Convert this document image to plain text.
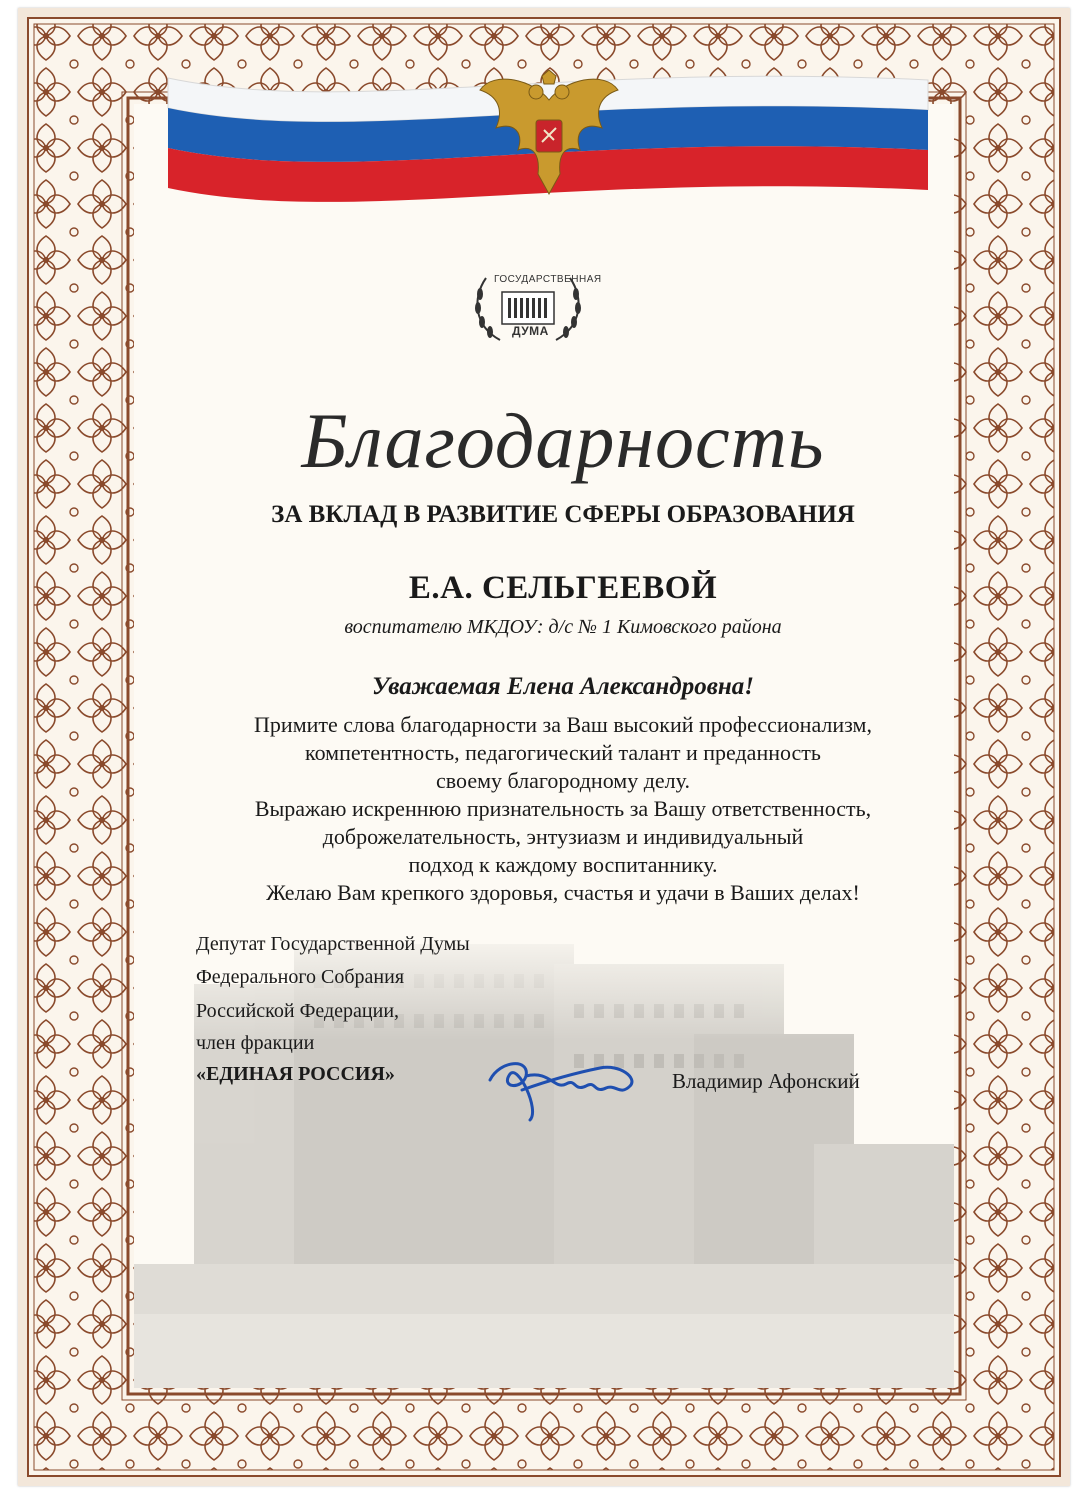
ГОСУДАРСТВЕННАЯ
ДУМА
Благодарность
ЗА ВКЛАД В РАЗВИТИЕ СФЕРЫ ОБРАЗОВАНИЯ
Е.А. СЕЛЬГЕЕВОЙ
воспитателю МКДОУ: д/с № 1 Кимовского района
Уважаемая Елена Александровна!
Примите слова благодарности за Ваш высокий профессионализм,
компетентность, педагогический талант и преданность
своему благородному делу.
Выражаю искреннюю признательность за Вашу ответственность,
доброжелательность, энтузиазм и индивидуальный
подход к каждому воспитаннику.
Желаю Вам крепкого здоровья, счастья и удачи в Ваших делах!
Депутат Государственной Думы
Федерального Собрания
Российской Федерации,
член фракции
«ЕДИНАЯ РОССИЯ»	Владимир Афонский
